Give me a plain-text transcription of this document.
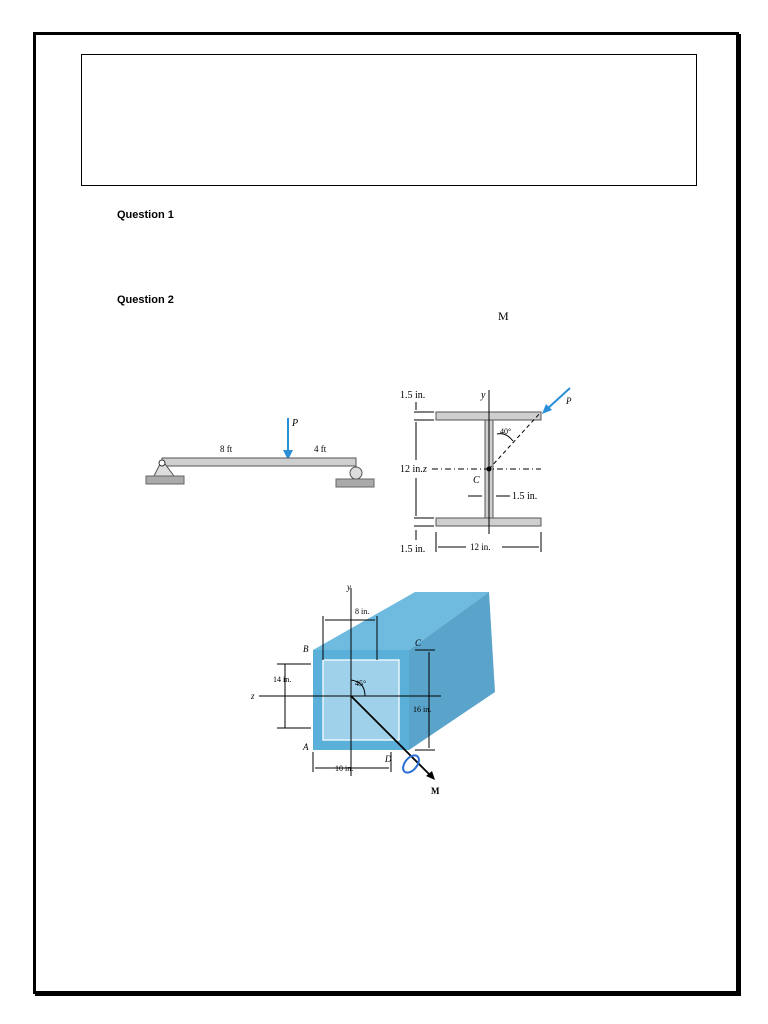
Question 1
Question 2
M
P
8 ft	4 ft
y
z
C
40°
P
1.5 in.
12 in.
1.5 in.
1.5 in.
12 in.
y
z
M
45°
8 in.
14 in.
16 in.
10 in.
B
C
A
D
